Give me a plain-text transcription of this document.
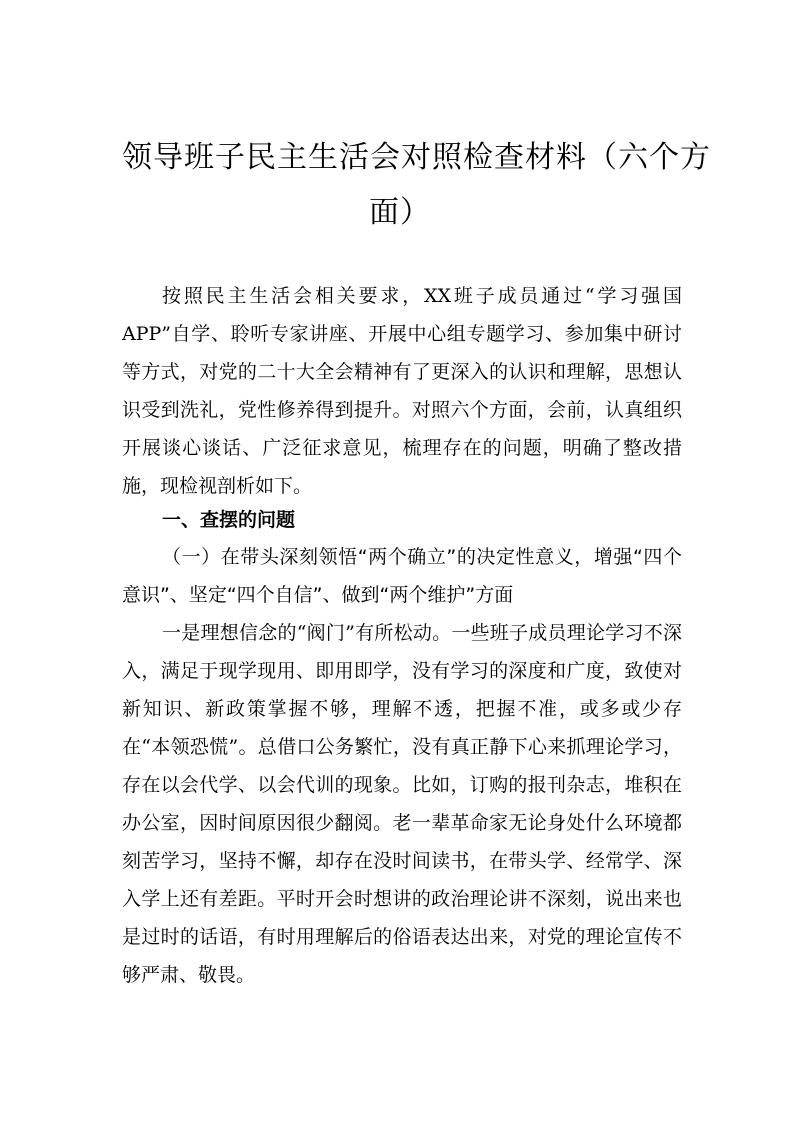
领导班子民主生活会对照检查材料（六个方
面）
按照民主生活会相关要求，XX班子成员通过“学习强国APP”自学、聆听专家讲座、开展中心组专题学习、参加集中研讨等方式，对党的二十大全会精神有了更深入的认识和理解，思想认识受到洗礼，党性修养得到提升。对照六个方面，会前，认真组织开展谈心谈话、广泛征求意见，梳理存在的问题，明确了整改措施，现检视剖析如下。
一、查摆的问题
（一）在带头深刻领悟“两个确立”的决定性意义，增强“四个意识”、坚定“四个自信”、做到“两个维护”方面
一是理想信念的“阀门”有所松动。一些班子成员理论学习不深入，满足于现学现用、即用即学，没有学习的深度和广度，致使对新知识、新政策掌握不够，理解不透，把握不准，或多或少存在“本领恐慌”。总借口公务繁忙，没有真正静下心来抓理论学习，存在以会代学、以会代训的现象。比如，订购的报刊杂志，堆积在办公室，因时间原因很少翻阅。老一辈革命家无论身处什么环境都刻苦学习，坚持不懈，却存在没时间读书，在带头学、经常学、深入学上还有差距。平时开会时想讲的政治理论讲不深刻，说出来也是过时的话语，有时用理解后的俗语表达出来，对党的理论宣传不够严肃、敬畏。
